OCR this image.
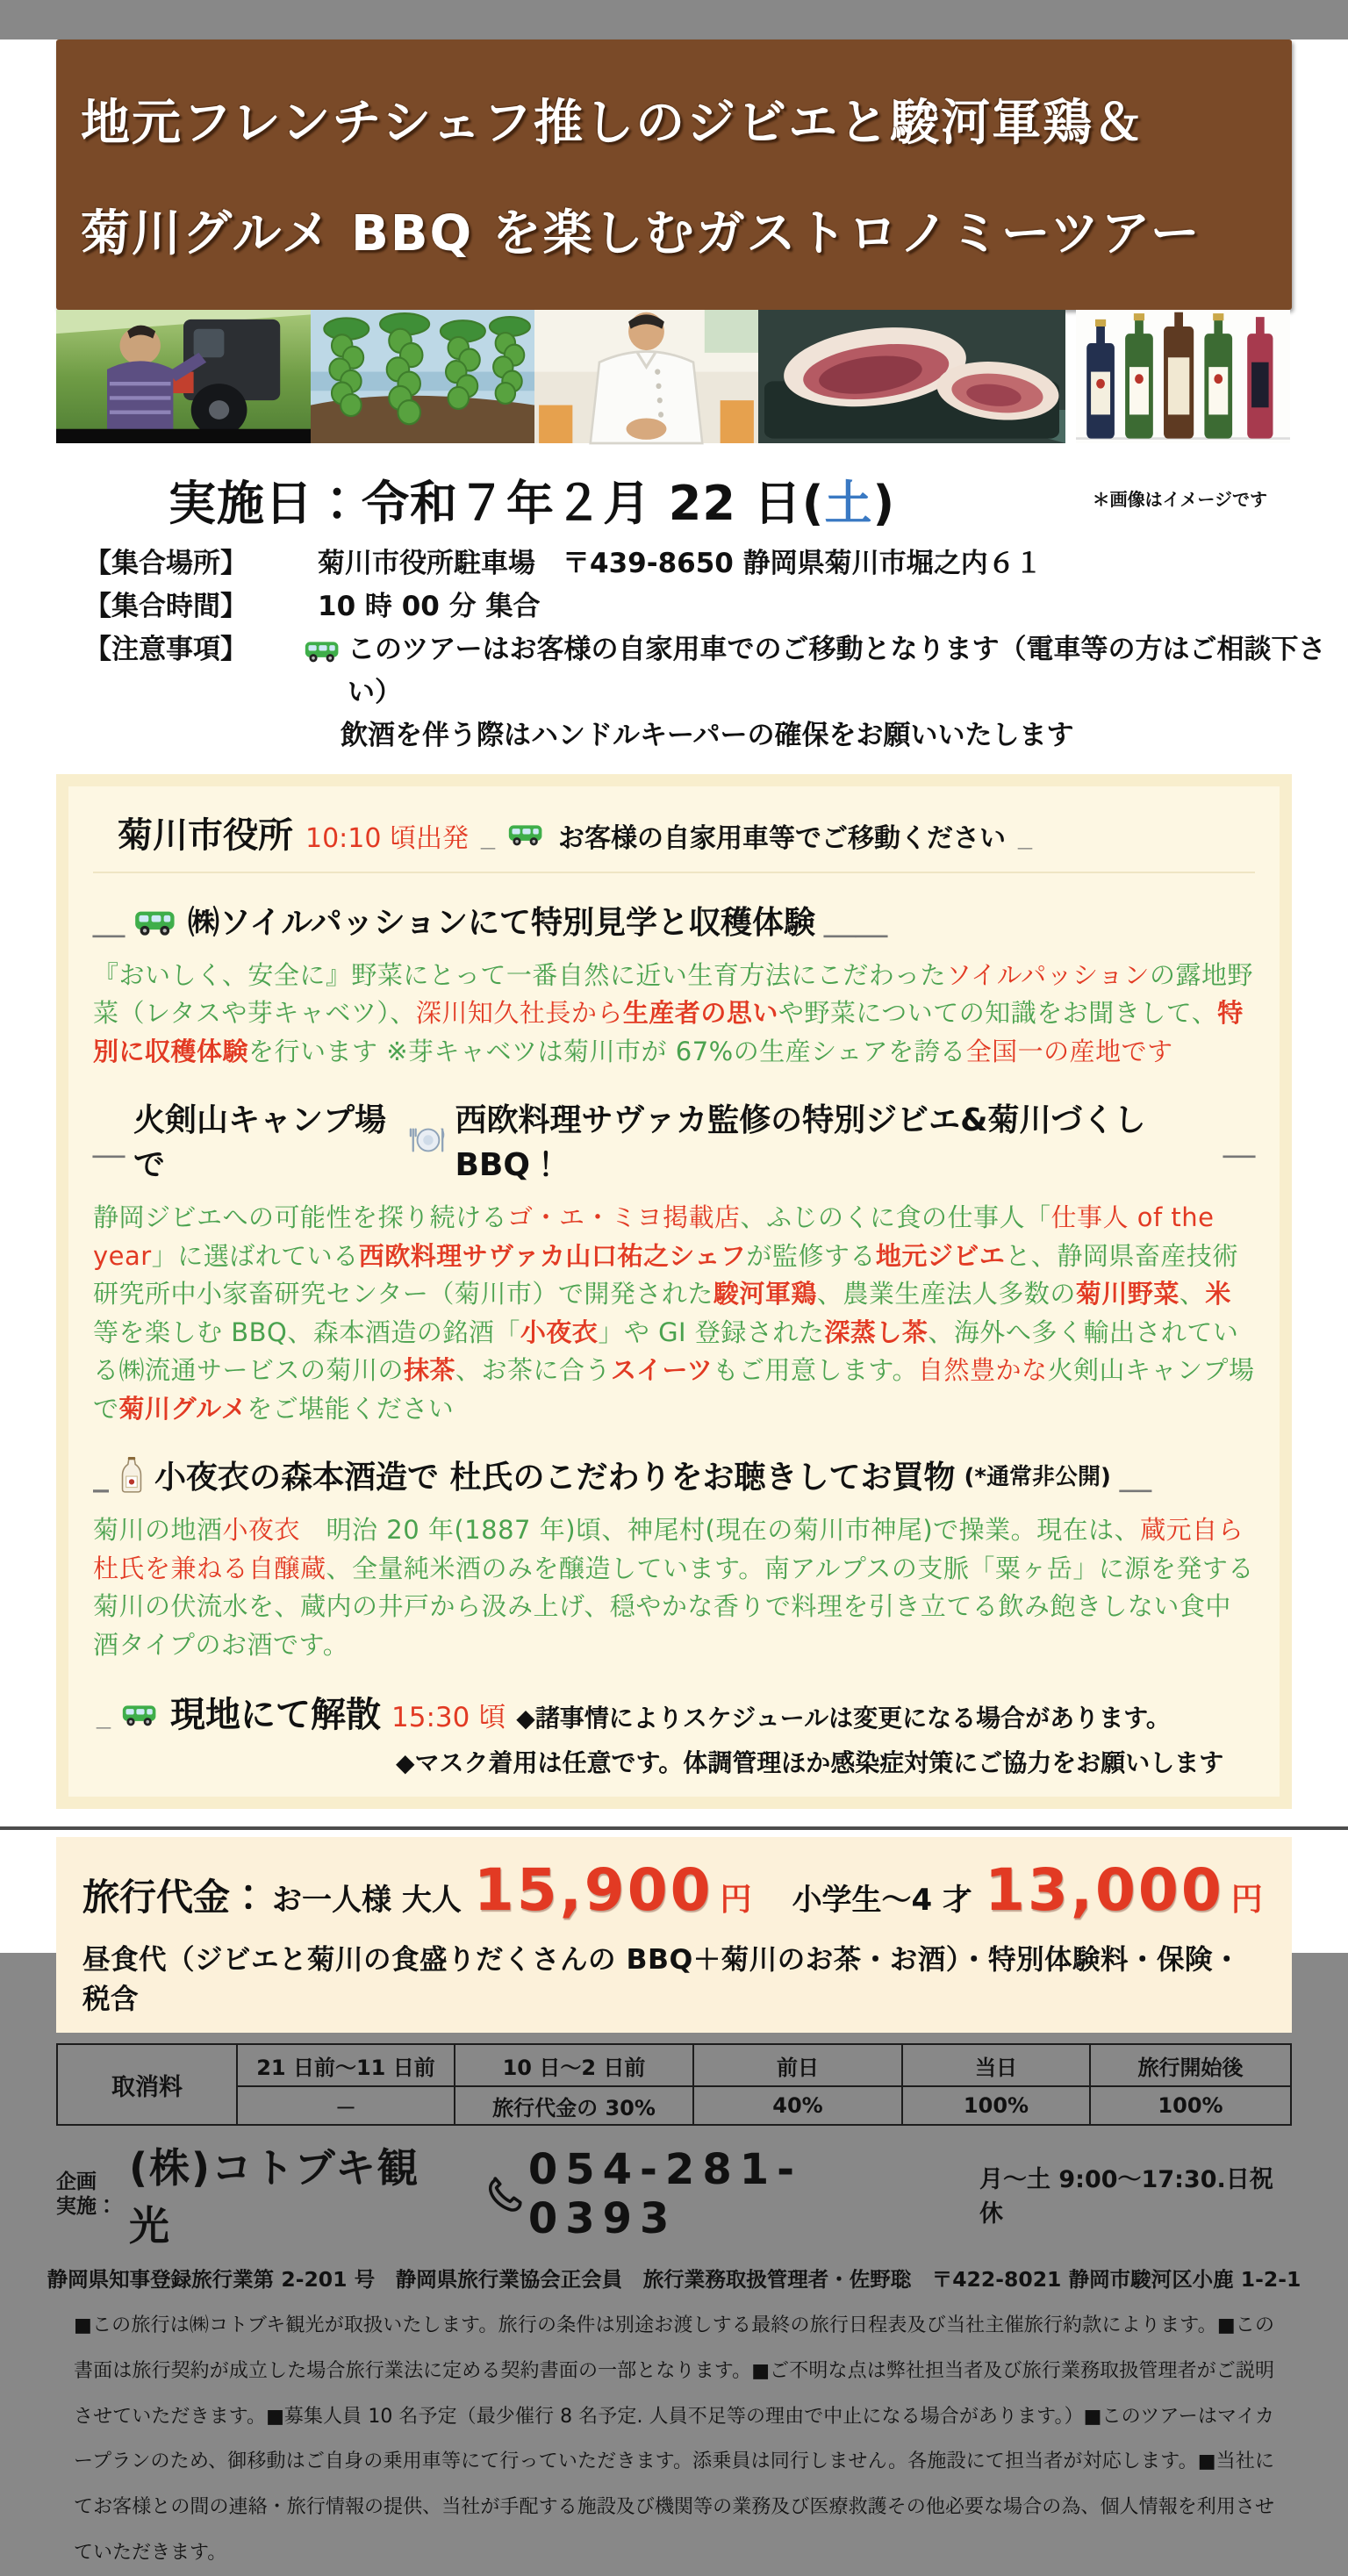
地元フレンチシェフ推しのジビエと駿河軍鶏＆
菊川グルメ BBQ を楽しむガストロノミーツアー
実施日：令和７年２月 22 日(土)	＊画像はイメージです
【集合場所】	菊川市役所駐車場　〒439-8650 静岡県菊川市堀之内６１
【集合時間】	10 時 00 分 集合
【注意事項】	このツアーはお客様の自家用車でのご移動となります（電車等の方はご相談下さい）
飲酒を伴う際はハンドルキーパーの確保をお願いいたします
菊川市役所 10:10 頃出発 ＿ お客様の自家用車等でご移動ください ＿
＿ ㈱ソイルパッションにて特別見学と収穫体験 ＿＿
『おいしく、安全に』野菜にとって一番自然に近い生育方法にこだわったソイルパッションの露地野菜（レタスや芽キャベツ）、深川知久社長から生産者の思いや野菜についての知識をお聞きして、特別に収穫体験を行います ※芽キャベツは菊川市が 67%の生産シェアを誇る全国一の産地です
＿
火剣山キャンプ場で
西欧料理サヴァカ監修の特別ジビエ&菊川づくし BBQ！
＿
静岡ジビエへの可能性を探り続けるゴ・エ・ミヨ掲載店、ふじのくに食の仕事人「仕事人 of the year」に選ばれている西欧料理サヴァカ山口祐之シェフが監修する地元ジビエと、静岡県畜産技術研究所中小家畜研究センター（菊川市）で開発された駿河軍鶏、農業生産法人多数の菊川野菜、米等を楽しむ BBQ、森本酒造の銘酒「小夜衣」や GI 登録された深蒸し茶、海外へ多く輸出されている㈱流通サービスの菊川の抹茶、お茶に合うスイーツもご用意します。自然豊かな火剣山キャンプ場で菊川グルメをご堪能ください
_ 小夜衣の森本酒造で 杜氏のこだわりをお聴きしてお買物 (*通常非公開) ＿
菊川の地酒小夜衣　明治 20 年(1887 年)頃、神尾村(現在の菊川市神尾)で操業。現在は、蔵元自ら杜氏を兼ねる自醸蔵、全量純米酒のみを醸造しています。南アルプスの支脈「粟ヶ岳」に源を発する菊川の伏流水を、蔵内の井戸から汲み上げ、穏やかな香りで料理を引き立てる飲み飽きしない食中酒タイプのお酒です。
＿ 現地にて解散 15:30 頃 ◆諸事情によりスケジュールは変更になる場合があります。
◆マスク着用は任意です。体調管理ほか感染症対策にご協力をお願いします
旅行代金： お一人様 大人 15,900 円 小学生～4 才 13,000 円
昼食代（ジビエと菊川の食盛りだくさんの BBQ＋菊川のお茶・お酒）・特別体験料・保険・税含
取消料	21 日前～11 日前	10 日～2 日前	前日	当日	旅行開始後
	－	旅行代金の 30%	40%	100%	100%
企画
実施：
(株)コトブキ観光
054-281-0393
月～土 9:00～17:30.日祝休
静岡県知事登録旅行業第 2-201 号　静岡県旅行業協会正会員　旅行業務取扱管理者・佐野聡　〒422-8021 静岡市駿河区小鹿 1-2-1
■この旅行は㈱コトブキ観光が取扱いたします。旅行の条件は別途お渡しする最終の旅行日程表及び当社主催旅行約款によります。■この書面は旅行契約が成立した場合旅行業法に定める契約書面の一部となります。■ご不明な点は弊社担当者及び旅行業務取扱管理者がご説明させていただきます。■募集人員 10 名予定（最少催行 8 名予定. 人員不足等の理由で中止になる場合があります。）■このツアーはマイカープランのため、御移動はご自身の乗用車等にて行っていただきます。添乗員は同行しません。各施設にて担当者が対応します。■当社にてお客様との間の連絡・旅行情報の提供、当社が手配する施設及び機関等の業務及び医療救護その他必要な場合の為、個人情報を利用させていただきます。
